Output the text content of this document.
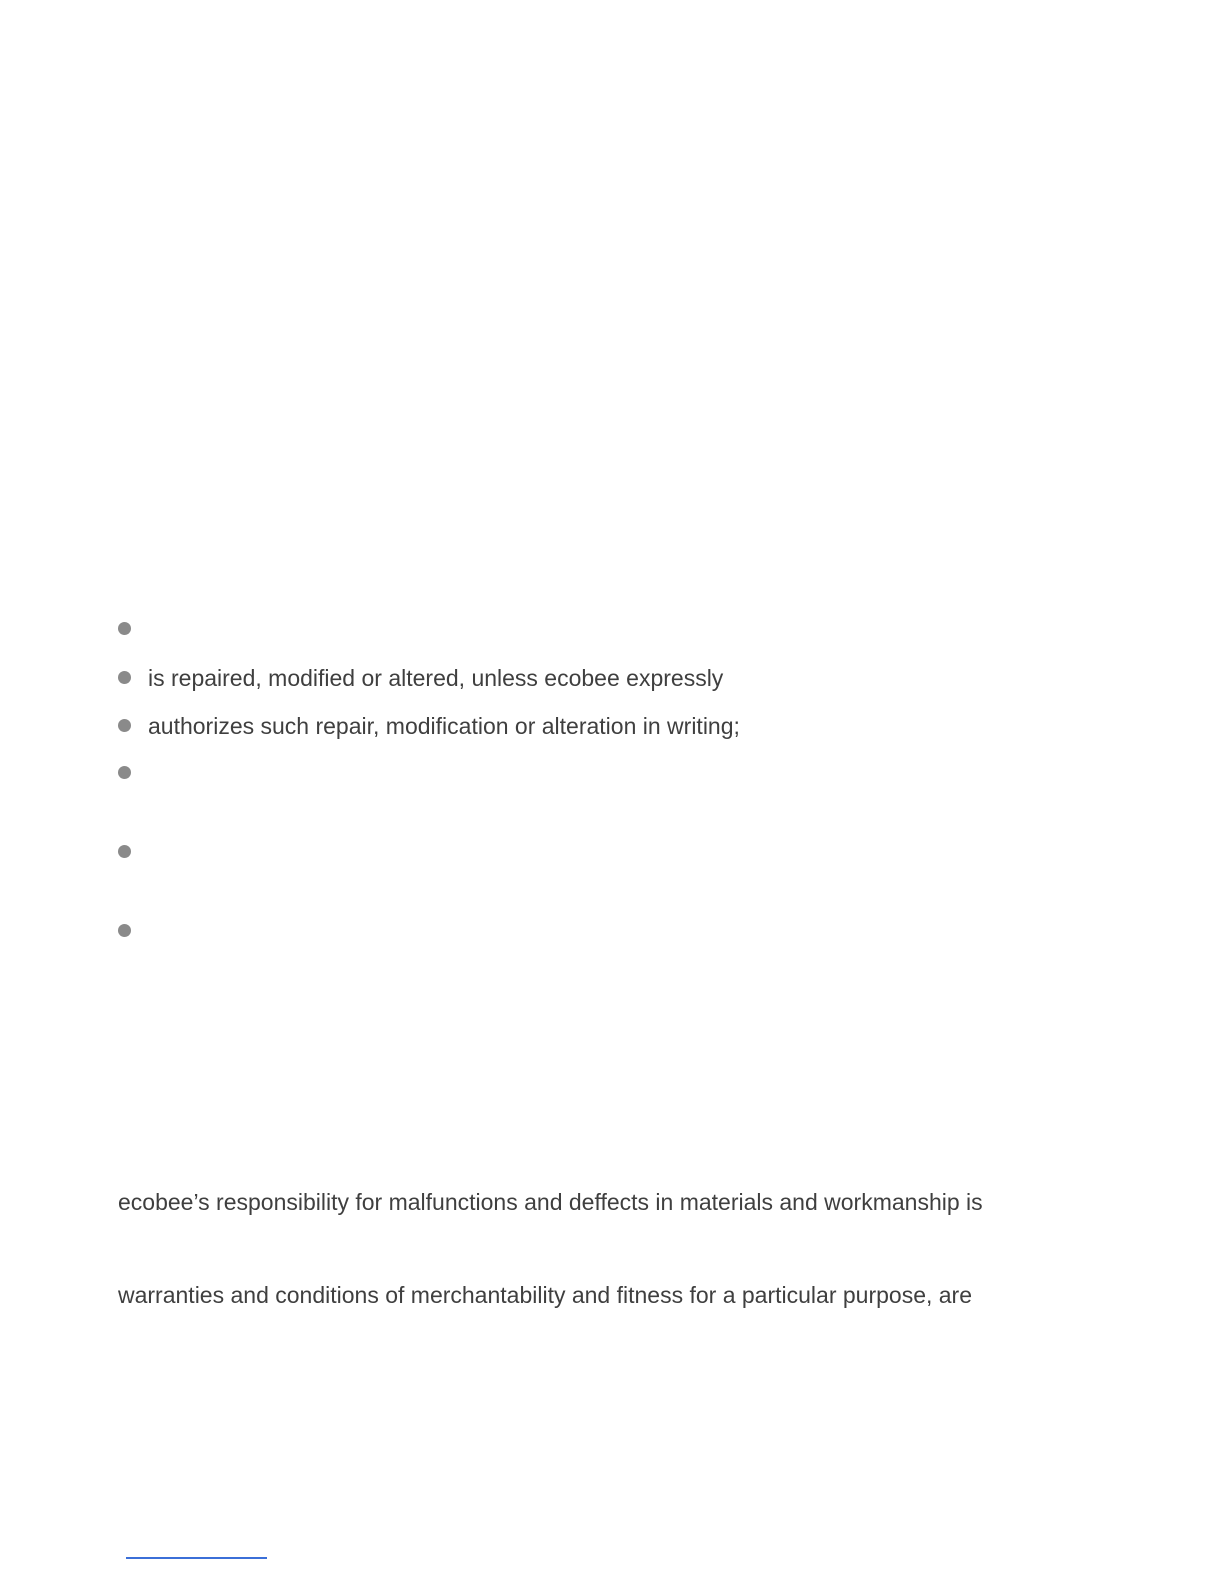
is repaired, modified or altered, unless ecobee expressly
authorizes such repair, modification or alteration in writing;

ecobee’s responsibility for malfunctions and deffects in materials and workmanship is

warranties and conditions of merchantability and fitness for a particular purpose, are
